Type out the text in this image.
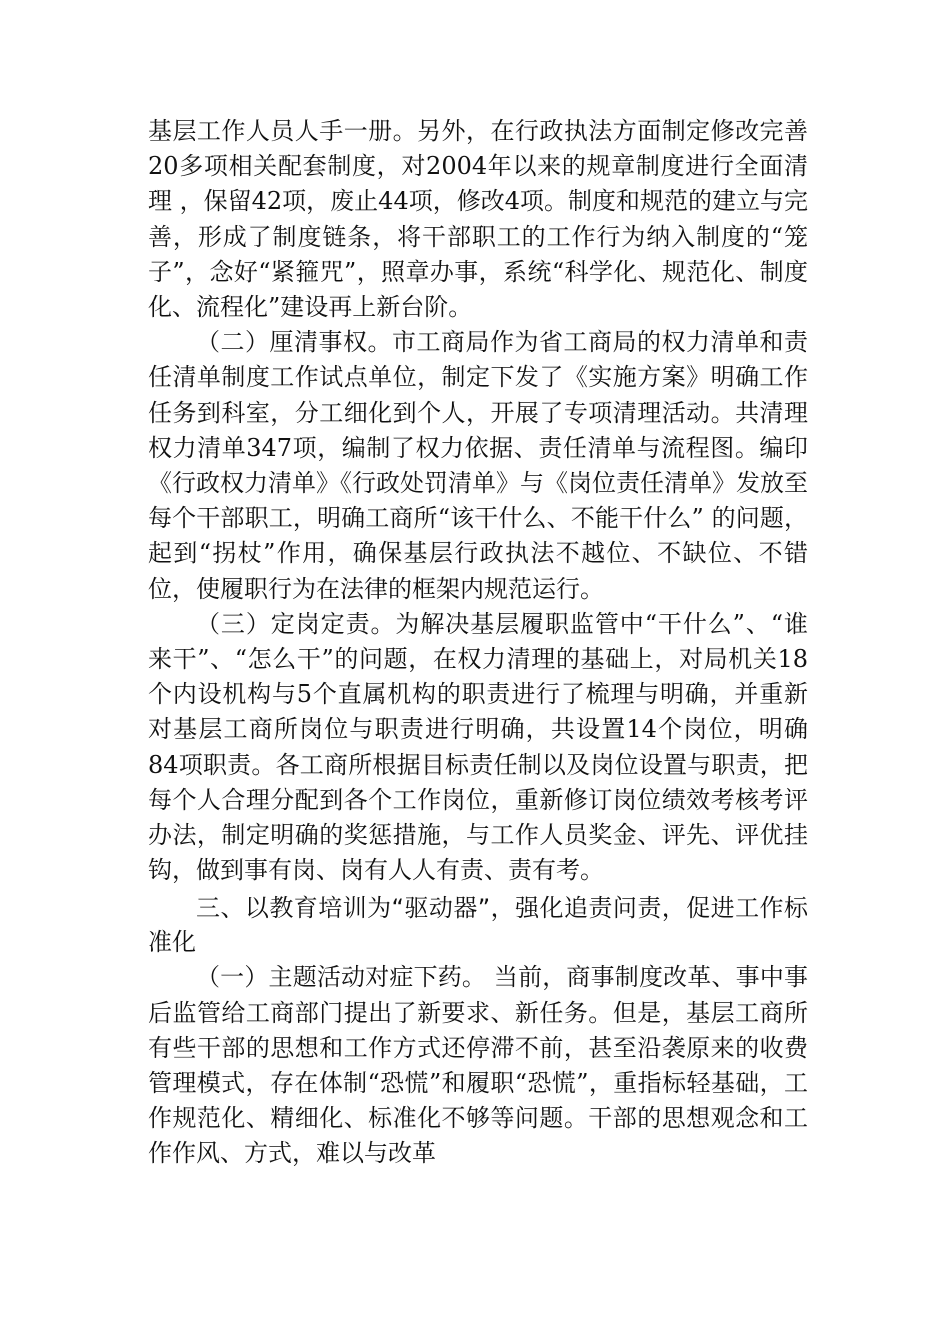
基层工作人员人手一册。另外，在行政执法方面制定修改完善20多项相关配套制度，对2004年以来的规章制度进行全面清理 ，保留42项，废止44项，修改4项。制度和规范的建立与完善，形成了制度链条，将干部职工的工作行为纳入制度的“笼子”，念好“紧箍咒”，照章办事，系统“科学化、规范化、制度化、流程化”建设再上新台阶。

（二）厘清事权。市工商局作为省工商局的权力清单和责任清单制度工作试点单位，制定下发了《实施方案》明确工作任务到科室，分工细化到个人，开展了专项清理活动。共清理权力清单347项，编制了权力依据、责任清单与流程图。编印《行政权力清单》《行政处罚清单》与《岗位责任清单》发放至每个干部职工，明确工商所“该干什么、不能干什么” 的问题，起到“拐杖”作用，确保基层行政执法不越位、不缺位、不错位，使履职行为在法律的框架内规范运行。

（三）定岗定责。为解决基层履职监管中“干什么”、“谁来干”、“怎么干”的问题，在权力清理的基础上，对局机关18个内设机构与5个直属机构的职责进行了梳理与明确，并重新对基层工商所岗位与职责进行明确，共设置14个岗位，明确84项职责。各工商所根据目标责任制以及岗位设置与职责，把每个人合理分配到各个工作岗位，重新修订岗位绩效考核考评办法，制定明确的奖惩措施，与工作人员奖金、评先、评优挂钩，做到事有岗、岗有人人有责、责有考。

三、以教育培训为“驱动器”，强化追责问责，促进工作标准化

（一）主题活动对症下药。 当前，商事制度改革、事中事后监管给工商部门提出了新要求、新任务。但是，基层工商所有些干部的思想和工作方式还停滞不前，甚至沿袭原来的收费管理模式，存在体制“恐慌”和履职“恐慌”，重指标轻基础，工作规范化、精细化、标准化不够等问题。干部的思想观念和工作作风、方式，难以与改革
